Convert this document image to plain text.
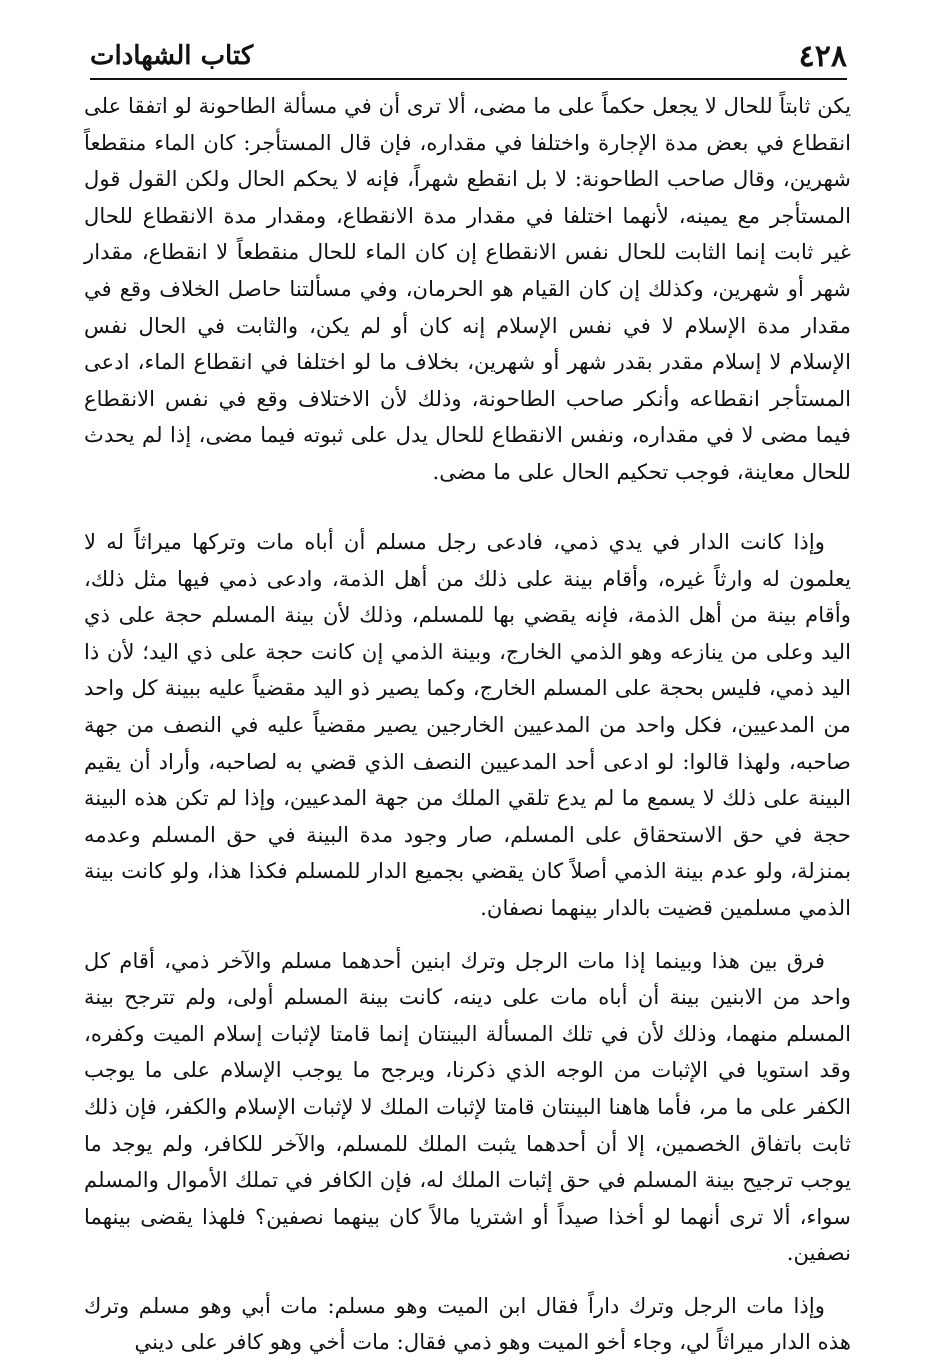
٤٢٨
كتاب الشهادات

يكن ثابتاً للحال لا يجعل حكماً على ما مضى، ألا ترى أن في مسألة الطاحونة لو اتفقا على انقطاع في بعض مدة الإجارة واختلفا في مقداره، فإن قال المستأجر: كان الماء منقطعاً شهرين، وقال صاحب الطاحونة: لا بل انقطع شهراً، فإنه لا يحكم الحال ولكن القول قول المستأجر مع يمينه، لأنهما اختلفا في مقدار مدة الانقطاع، ومقدار مدة الانقطاع للحال غير ثابت إنما الثابت للحال نفس الانقطاع إن كان الماء للحال منقطعاً لا انقطاع، مقدار شهر أو شهرين، وكذلك إن كان القيام هو الحرمان، وفي مسألتنا حاصل الخلاف وقع في مقدار مدة الإسلام لا في نفس الإسلام إنه كان أو لم يكن، والثابت في الحال نفس الإسلام لا إسلام مقدر بقدر شهر أو شهرين، بخلاف ما لو اختلفا في انقطاع الماء، ادعى المستأجر انقطاعه وأنكر صاحب الطاحونة، وذلك لأن الاختلاف وقع في نفس الانقطاع فيما مضى لا في مقداره، ونفس الانقطاع للحال يدل على ثبوته فيما مضى، إذا لم يحدث للحال معاينة، فوجب تحكيم الحال على ما مضى.

وإذا كانت الدار في يدي ذمي، فادعى رجل مسلم أن أباه مات وتركها ميراثاً له لا يعلمون له وارثاً غيره، وأقام بينة على ذلك من أهل الذمة، وادعى ذمي فيها مثل ذلك، وأقام بينة من أهل الذمة، فإنه يقضي بها للمسلم، وذلك لأن بينة المسلم حجة على ذي اليد وعلى من ينازعه وهو الذمي الخارج، وبينة الذمي إن كانت حجة على ذي اليد؛ لأن ذا اليد ذمي، فليس بحجة على المسلم الخارج، وكما يصير ذو اليد مقضياً عليه ببينة كل واحد من المدعيين، فكل واحد من المدعيين الخارجين يصير مقضياً عليه في النصف من جهة صاحبه، ولهذا قالوا: لو ادعى أحد المدعيين النصف الذي قضي به لصاحبه، وأراد أن يقيم البينة على ذلك لا يسمع ما لم يدع تلقي الملك من جهة المدعيين، وإذا لم تكن هذه البينة حجة في حق الاستحقاق على المسلم، صار وجود مدة البينة في حق المسلم وعدمه بمنزلة، ولو عدم بينة الذمي أصلاً كان يقضي بجميع الدار للمسلم فكذا هذا، ولو كانت بينة الذمي مسلمين قضيت بالدار بينهما نصفان.

فرق بين هذا وبينما إذا مات الرجل وترك ابنين أحدهما مسلم والآخر ذمي، أقام كل واحد من الابنين بينة أن أباه مات على دينه، كانت بينة المسلم أولى، ولم تترجح بينة المسلم منهما، وذلك لأن في تلك المسألة البينتان إنما قامتا لإثبات إسلام الميت وكفره، وقد استويا في الإثبات من الوجه الذي ذكرنا، ويرجح ما يوجب الإسلام على ما يوجب الكفر على ما مر، فأما هاهنا البينتان قامتا لإثبات الملك لا لإثبات الإسلام والكفر، فإن ذلك ثابت باتفاق الخصمين، إلا أن أحدهما يثبت الملك للمسلم، والآخر للكافر، ولم يوجد ما يوجب ترجيح بينة المسلم في حق إثبات الملك له، فإن الكافر في تملك الأموال والمسلم سواء، ألا ترى أنهما لو أخذا صيداً أو اشتريا مالاً كان بينهما نصفين؟ فلهذا يقضى بينهما نصفين.

وإذا مات الرجل وترك داراً فقال ابن الميت وهو مسلم: مات أبي وهو مسلم وترك هذه الدار ميراثاً لي، وجاء أخو الميت وهو ذمي فقال: مات أخي وهو كافر على ديني
